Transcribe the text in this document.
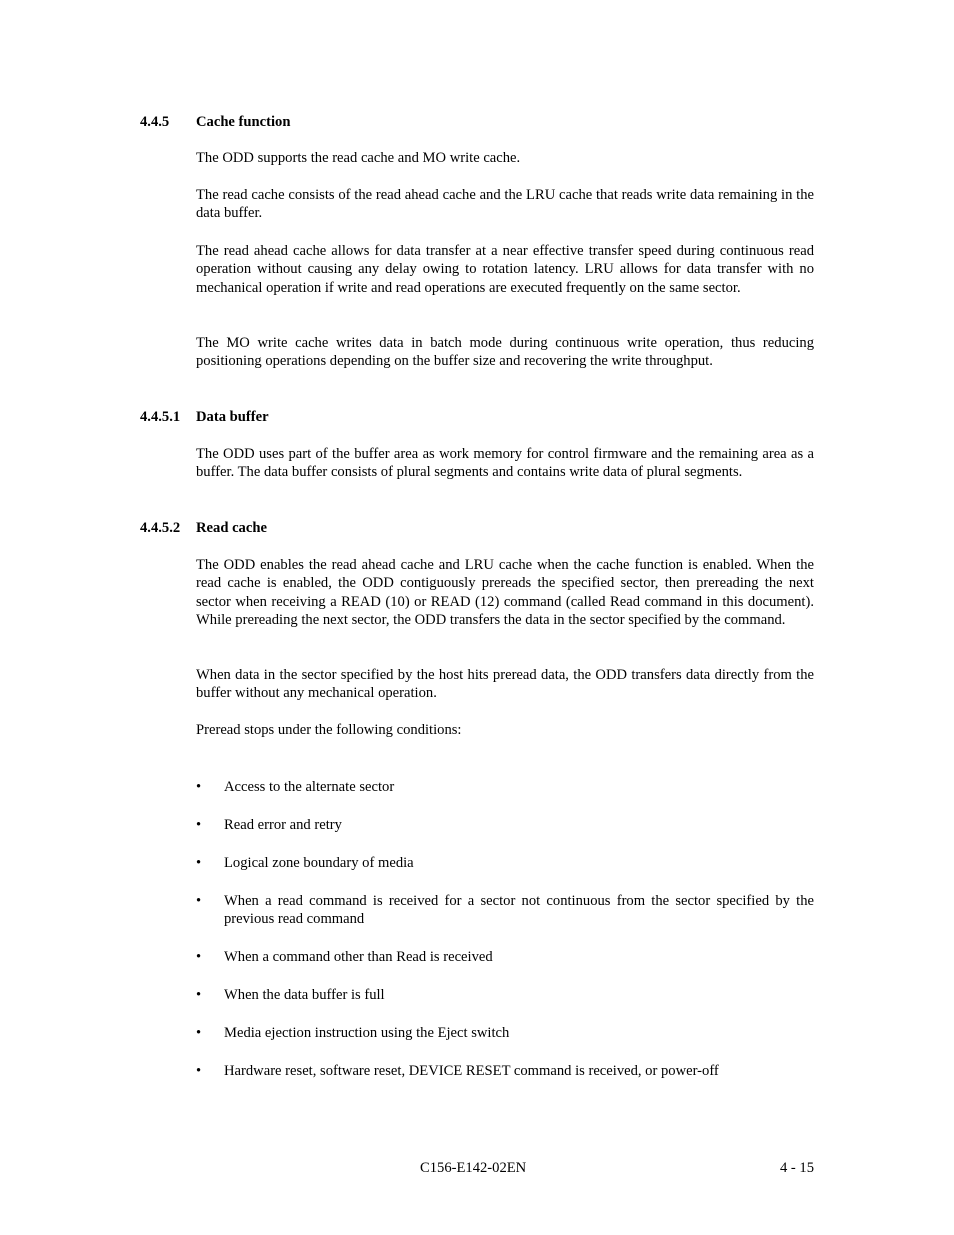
4.4.5 Cache function
The ODD supports the read cache and MO write cache.
The read cache consists of the read ahead cache and the LRU cache that reads write data remaining in the data buffer.
The read ahead cache allows for data transfer at a near effective transfer speed during continuous read operation without causing any delay owing to rotation latency. LRU allows for data transfer with no mechanical operation if write and read operations are executed frequently on the same sector.
The MO write cache writes data in batch mode during continuous write operation, thus reducing positioning operations depending on the buffer size and recovering the write throughput.
4.4.5.1 Data buffer
The ODD uses part of the buffer area as work memory for control firmware and the remaining area as a buffer. The data buffer consists of plural segments and contains write data of plural segments.
4.4.5.2 Read cache
The ODD enables the read ahead cache and LRU cache when the cache function is enabled. When the read cache is enabled, the ODD contiguously prereads the specified sector, then prereading the next sector when receiving a READ (10) or READ (12) command (called Read command in this document). While prereading the next sector, the ODD transfers the data in the sector specified by the command.
When data in the sector specified by the host hits preread data, the ODD transfers data directly from the buffer without any mechanical operation.
Preread stops under the following conditions:
•	Access to the alternate sector
•	Read error and retry
•	Logical zone boundary of media
•	When a read command is received for a sector not continuous from the sector specified by the previous read command
•	When a command other than Read is received
•	When the data buffer is full
•	Media ejection instruction using the Eject switch
•	Hardware reset, software reset, DEVICE RESET command is received, or power-off
C156-E142-02EN	4 - 15
